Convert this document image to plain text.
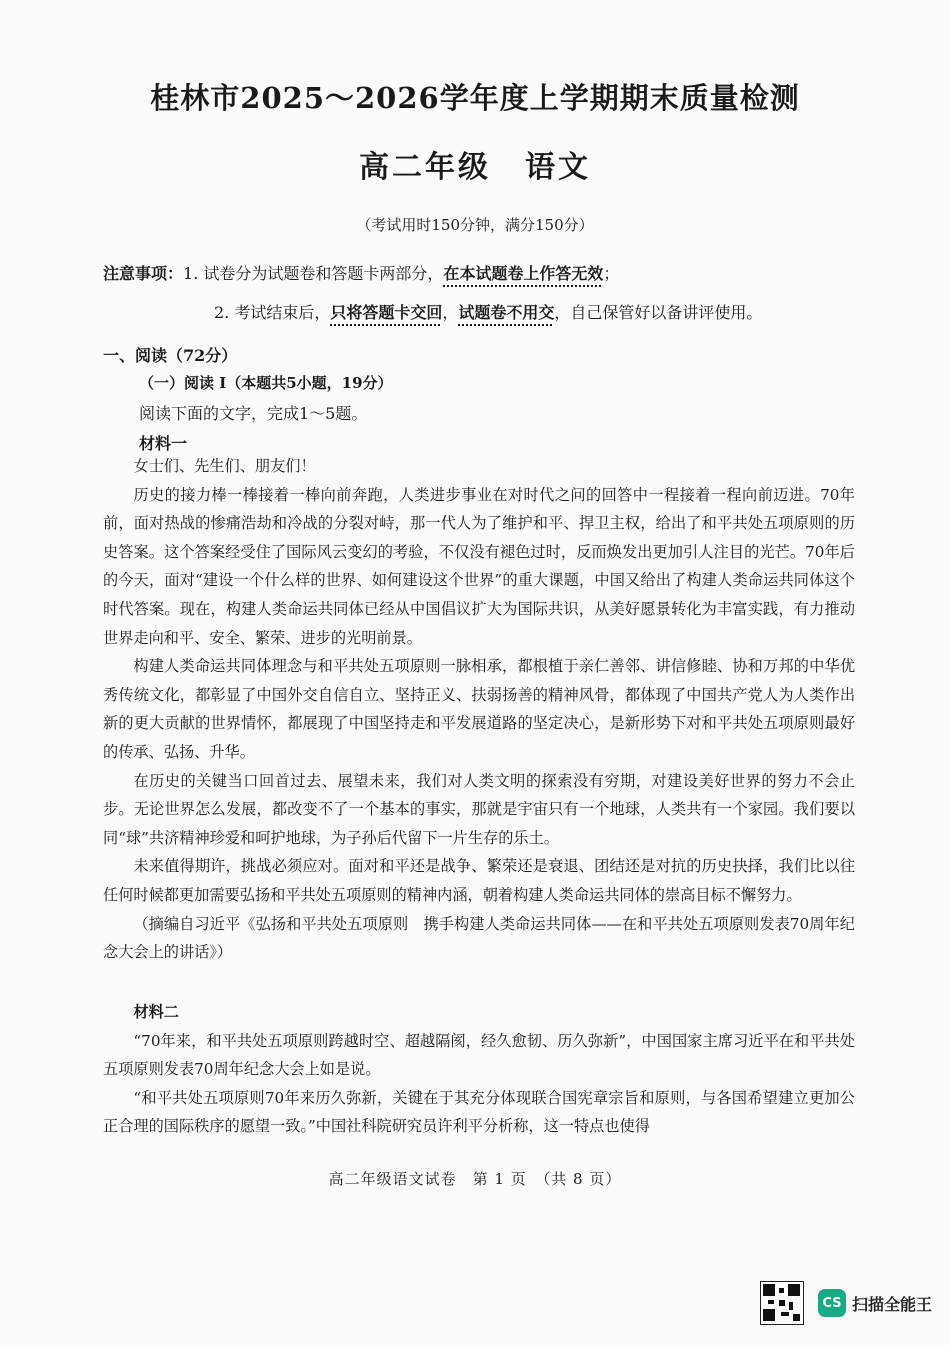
桂林市2025～2026学年度上学期期末质量检测
高二年级 语文
（考试用时150分钟，满分150分）
注意事项：1. 试卷分为试题卷和答题卡两部分，在本试题卷上作答无效；
2. 考试结束后，只将答题卡交回，试题卷不用交，自己保管好以备讲评使用。
一、阅读（72分）
（一）阅读 I（本题共5小题，19分）
阅读下面的文字，完成1～5题。
材料一

女士们、先生们、朋友们！

历史的接力棒一棒接着一棒向前奔跑，人类进步事业在对时代之问的回答中一程接着一程向前迈进。70年前，面对热战的惨痛浩劫和冷战的分裂对峙，那一代人为了维护和平、捍卫主权，给出了和平共处五项原则的历史答案。这个答案经受住了国际风云变幻的考验，不仅没有褪色过时，反而焕发出更加引人注目的光芒。70年后的今天，面对“建设一个什么样的世界、如何建设这个世界”的重大课题，中国又给出了构建人类命运共同体这个时代答案。现在，构建人类命运共同体已经从中国倡议扩大为国际共识，从美好愿景转化为丰富实践，有力推动世界走向和平、安全、繁荣、进步的光明前景。

构建人类命运共同体理念与和平共处五项原则一脉相承，都根植于亲仁善邻、讲信修睦、协和万邦的中华优秀传统文化，都彰显了中国外交自信自立、坚持正义、扶弱扬善的精神风骨，都体现了中国共产党人为人类作出新的更大贡献的世界情怀，都展现了中国坚持走和平发展道路的坚定决心，是新形势下对和平共处五项原则最好的传承、弘扬、升华。

在历史的关键当口回首过去、展望未来，我们对人类文明的探索没有穷期，对建设美好世界的努力不会止步。无论世界怎么发展，都改变不了一个基本的事实，那就是宇宙只有一个地球，人类共有一个家园。我们要以同“球”共济精神珍爱和呵护地球，为子孙后代留下一片生存的乐土。

未来值得期许，挑战必须应对。面对和平还是战争、繁荣还是衰退、团结还是对抗的历史抉择，我们比以往任何时候都更加需要弘扬和平共处五项原则的精神内涵，朝着构建人类命运共同体的崇高目标不懈努力。

（摘编自习近平《弘扬和平共处五项原则　携手构建人类命运共同体——在和平共处五项原则发表70周年纪念大会上的讲话》）

材料二

“70年来，和平共处五项原则跨越时空、超越隔阂，经久愈韧、历久弥新”，中国国家主席习近平在和平共处五项原则发表70周年纪念大会上如是说。

“和平共处五项原则70年来历久弥新，关键在于其充分体现联合国宪章宗旨和原则，与各国希望建立更加公正合理的国际秩序的愿望一致。”中国社科院研究员许利平分析称，这一特点也使得

高二年级语文试卷　第 1 页　（共 8 页）
CS 扫描全能王
